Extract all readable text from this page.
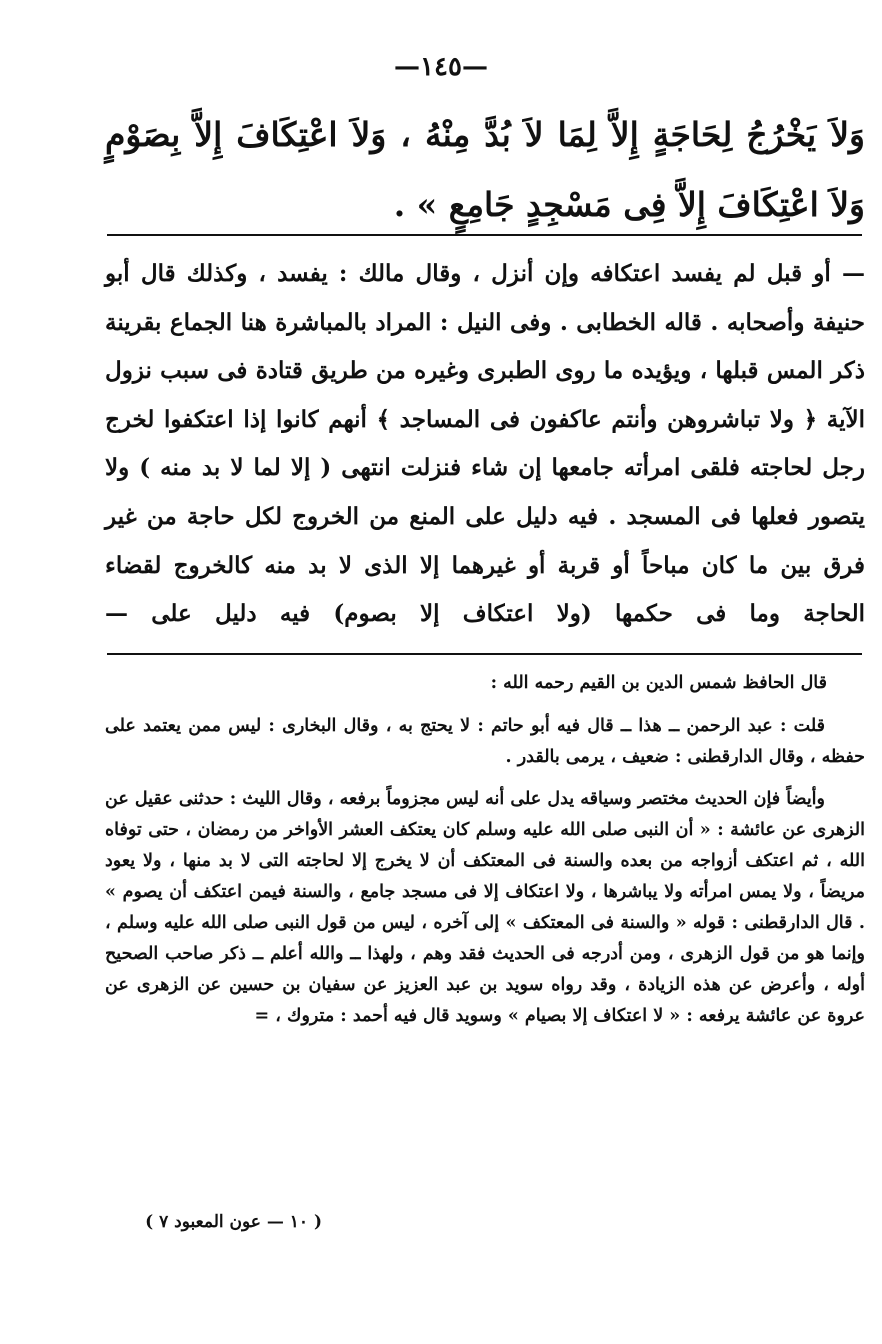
—١٤٥—
وَلاَ يَخْرُجُ لِحَاجَةٍ إِلاَّ لِمَا لاَ بُدَّ مِنْهُ ، وَلاَ اعْتِكَافَ إِلاَّ بِصَوْمٍ وَلاَ اعْتِكَافَ إِلاَّ فِى مَسْجِدٍ جَامِعٍ » .
— أو قبل لم يفسد اعتكافه وإن أنزل ، وقال مالك : يفسد ، وكذلك قال أبو حنيفة وأصحابه . قاله الخطابى . وفى النيل : المراد بالمباشرة هنا الجماع بقرينة ذكر المس قبلها ، ويؤيده ما روى الطبرى وغيره من طريق قتادة فى سبب نزول الآية ﴿ ولا تباشروهن وأنتم عاكفون فى المساجد ﴾ أنهم كانوا إذا اعتكفوا لخرج رجل لحاجته فلقى امرأته جامعها إن شاء فنزلت انتهى ( إلا لما لا بد منه ) ولا يتصور فعلها فى المسجد . فيه دليل على المنع من الخروج لكل حاجة من غير فرق بين ما كان مباحاً أو قربة أو غيرهما إلا الذى لا بد منه كالخروج لقضاء الحاجة وما فى حكمها (ولا اعتكاف إلا بصوم) فيه دليل على —

قال الحافظ شمس الدين بن القيم رحمه الله :

قلت : عبد الرحمن ــ هذا ــ قال فيه أبو حاتم : لا يحتج به ، وقال البخارى : ليس ممن يعتمد على حفظه ، وقال الدارقطنى : ضعيف ، يرمى بالقدر .

وأيضاً فإن الحديث مختصر وسياقه يدل على أنه ليس مجزوماً برفعه ، وقال الليث : حدثنى عقيل عن الزهرى عن عائشة : « أن النبى صلى الله عليه وسلم كان يعتكف العشر الأواخر من رمضان ، حتى توفاه الله ، ثم اعتكف أزواجه من بعده والسنة فى المعتكف أن لا يخرج إلا لحاجته التى لا بد منها ، ولا يعود مريضاً ، ولا يمس امرأته ولا يباشرها ، ولا اعتكاف إلا فى مسجد جامع ، والسنة فيمن اعتكف أن يصوم » . قال الدارقطنى : قوله « والسنة فى المعتكف » إلى آخره ، ليس من قول النبى صلى الله عليه وسلم ، وإنما هو من قول الزهرى ، ومن أدرجه فى الحديث فقد وهم ، ولهذا ــ والله أعلم ــ ذكر صاحب الصحيح أوله ، وأعرض عن هذه الزيادة ، وقد رواه سويد بن عبد العزيز عن سفيان بن حسين عن الزهرى عن عروة عن عائشة يرفعه : « لا اعتكاف إلا بصيام » وسويد قال فيه أحمد : متروك ، =

( ١٠ — عون المعبود ٧ )
